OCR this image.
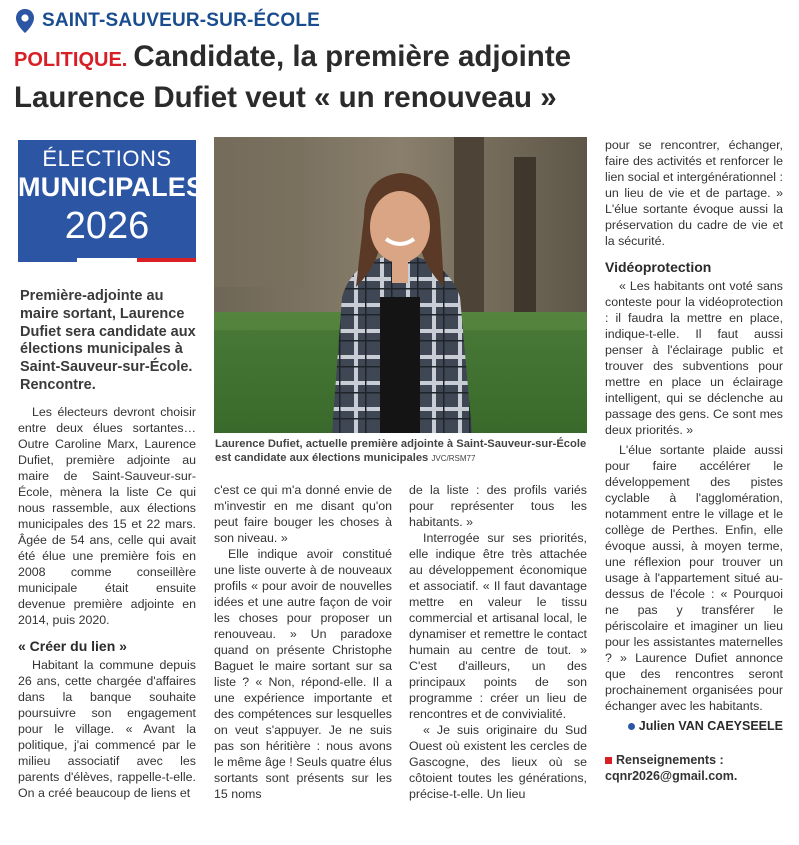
SAINT-SAUVEUR-SUR-ÉCOLE
POLITIQUE. Candidate, la première adjointe
Laurence Dufiet veut « un renouveau »
ÉLECTIONS
MUNICIPALES
2026
Première-adjointe au maire sortant, Laurence Dufiet sera candidate aux élections municipales à Saint-Sauveur-sur-École. Rencontre.

Les électeurs devront choisir entre deux élues sortantes… Outre Caroline Marx, Laurence Dufiet, première adjointe au maire de Saint-Sauveur-sur-École, mènera la liste Ce qui nous rassemble, aux élections municipales des 15 et 22 mars. Âgée de 54 ans, celle qui avait été élue une première fois en 2008 comme conseillère municipale était ensuite devenue première adjointe en 2014, puis 2020.

« Créer du lien »

Habitant la commune depuis 26 ans, cette chargée d'affaires dans la banque souhaite poursuivre son engagement pour le village. « Avant la politique, j'ai commencé par le milieu associatif avec les parents d'élèves, rappelle-t-elle. On a créé beaucoup de liens et

Laurence Dufiet, actuelle première adjointe à Saint-Sauveur-sur-École est candidate aux élections municipales JVC/RSM77

c'est ce qui m'a donné envie de m'investir en me disant qu'on peut faire bouger les choses à son niveau. »

Elle indique avoir constitué une liste ouverte à de nouveaux profils « pour avoir de nouvelles idées et une autre façon de voir les choses pour proposer un renouveau. » Un paradoxe quand on présente Christophe Baguet le maire sortant sur sa liste ? « Non, répond-elle. Il a une expérience importante et des compétences sur lesquelles on veut s'appuyer. Je ne suis pas son héritière : nous avons le même âge ! Seuls quatre élus sortants sont présents sur les 15 noms

de la liste : des profils variés pour représenter tous les habitants. »

Interrogée sur ses priorités, elle indique être très attachée au développement économique et associatif. « Il faut davantage mettre en valeur le tissu commercial et artisanal local, le dynamiser et remettre le contact humain au centre de tout. » C'est d'ailleurs, un des principaux points de son programme : créer un lieu de rencontres et de convivialité.

« Je suis originaire du Sud Ouest où existent les cercles de Gascogne, des lieux où se côtoient toutes les générations, précise-t-elle. Un lieu

pour se rencontrer, échanger, faire des activités et renforcer le lien social et intergénérationnel : un lieu de vie et de partage. » L'élue sortante évoque aussi la préservation du cadre de vie et la sécurité.

Vidéoprotection

« Les habitants ont voté sans conteste pour la vidéoprotection : il faudra la mettre en place, indique-t-elle. Il faut aussi penser à l'éclairage public et trouver des subventions pour mettre en place un éclairage intelligent, qui se déclenche au passage des gens. Ce sont mes deux priorités. »

L'élue sortante plaide aussi pour faire accélérer le développement des pistes cyclable à l'agglomération, notamment entre le village et le collège de Perthes. Enfin, elle évoque aussi, à moyen terme, une réflexion pour trouver un usage à l'appartement situé au-dessus de l'école : « Pourquoi ne pas y transférer le périscolaire et imaginer un lieu pour les assistantes maternelles ? » Laurence Dufiet annonce que des rencontres seront prochainement organisées pour échanger avec les habitants.

Julien VAN CAEYSEELE
Renseignements :
cqnr2026@gmail.com.
